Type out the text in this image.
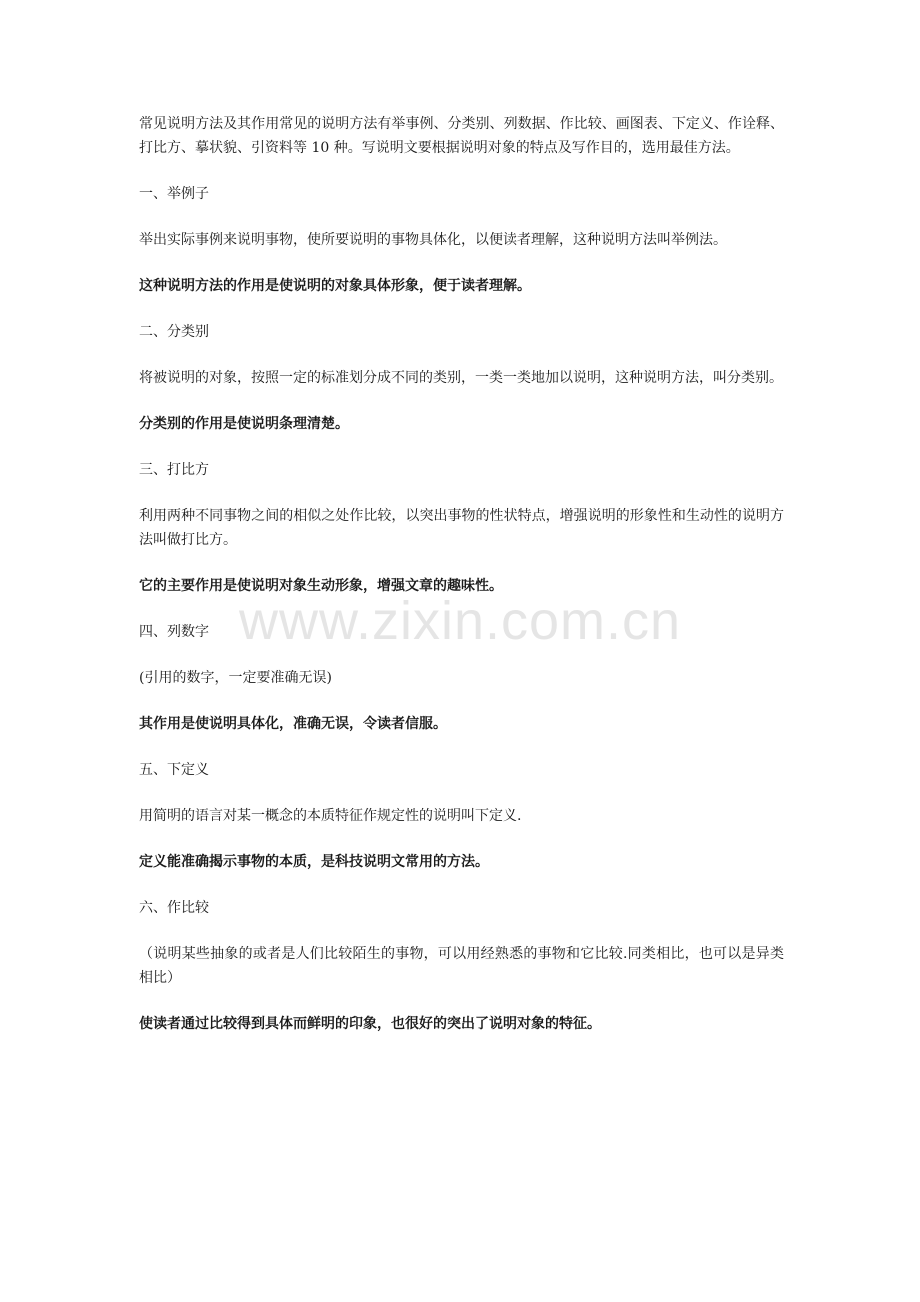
www.zixin.com.cn

常见说明方法及其作用常见的说明方法有举事例、分类别、列数据、作比较、画图表、下定义、作诠释、打比方、摹状貌、引资料等 10 种。写说明文要根据说明对象的特点及写作目的，选用最佳方法。

一、举例子

举出实际事例来说明事物，使所要说明的事物具体化，以便读者理解，这种说明方法叫举例法。

这种说明方法的作用是使说明的对象具体形象，便于读者理解。

二、分类别

将被说明的对象，按照一定的标准划分成不同的类别，一类一类地加以说明，这种说明方法，叫分类别。

分类别的作用是使说明条理清楚。

三、打比方

利用两种不同事物之间的相似之处作比较，以突出事物的性状特点，增强说明的形象性和生动性的说明方法叫做打比方。

它的主要作用是使说明对象生动形象，增强文章的趣味性。

四、列数字

(引用的数字，一定要准确无误)

其作用是使说明具体化，准确无误，令读者信服。

五、下定义

用简明的语言对某一概念的本质特征作规定性的说明叫下定义.

定义能准确揭示事物的本质，是科技说明文常用的方法。

六、作比较

（说明某些抽象的或者是人们比较陌生的事物，可以用经熟悉的事物和它比较.同类相比，也可以是异类相比）

使读者通过比较得到具体而鲜明的印象，也很好的突出了说明对象的特征。
